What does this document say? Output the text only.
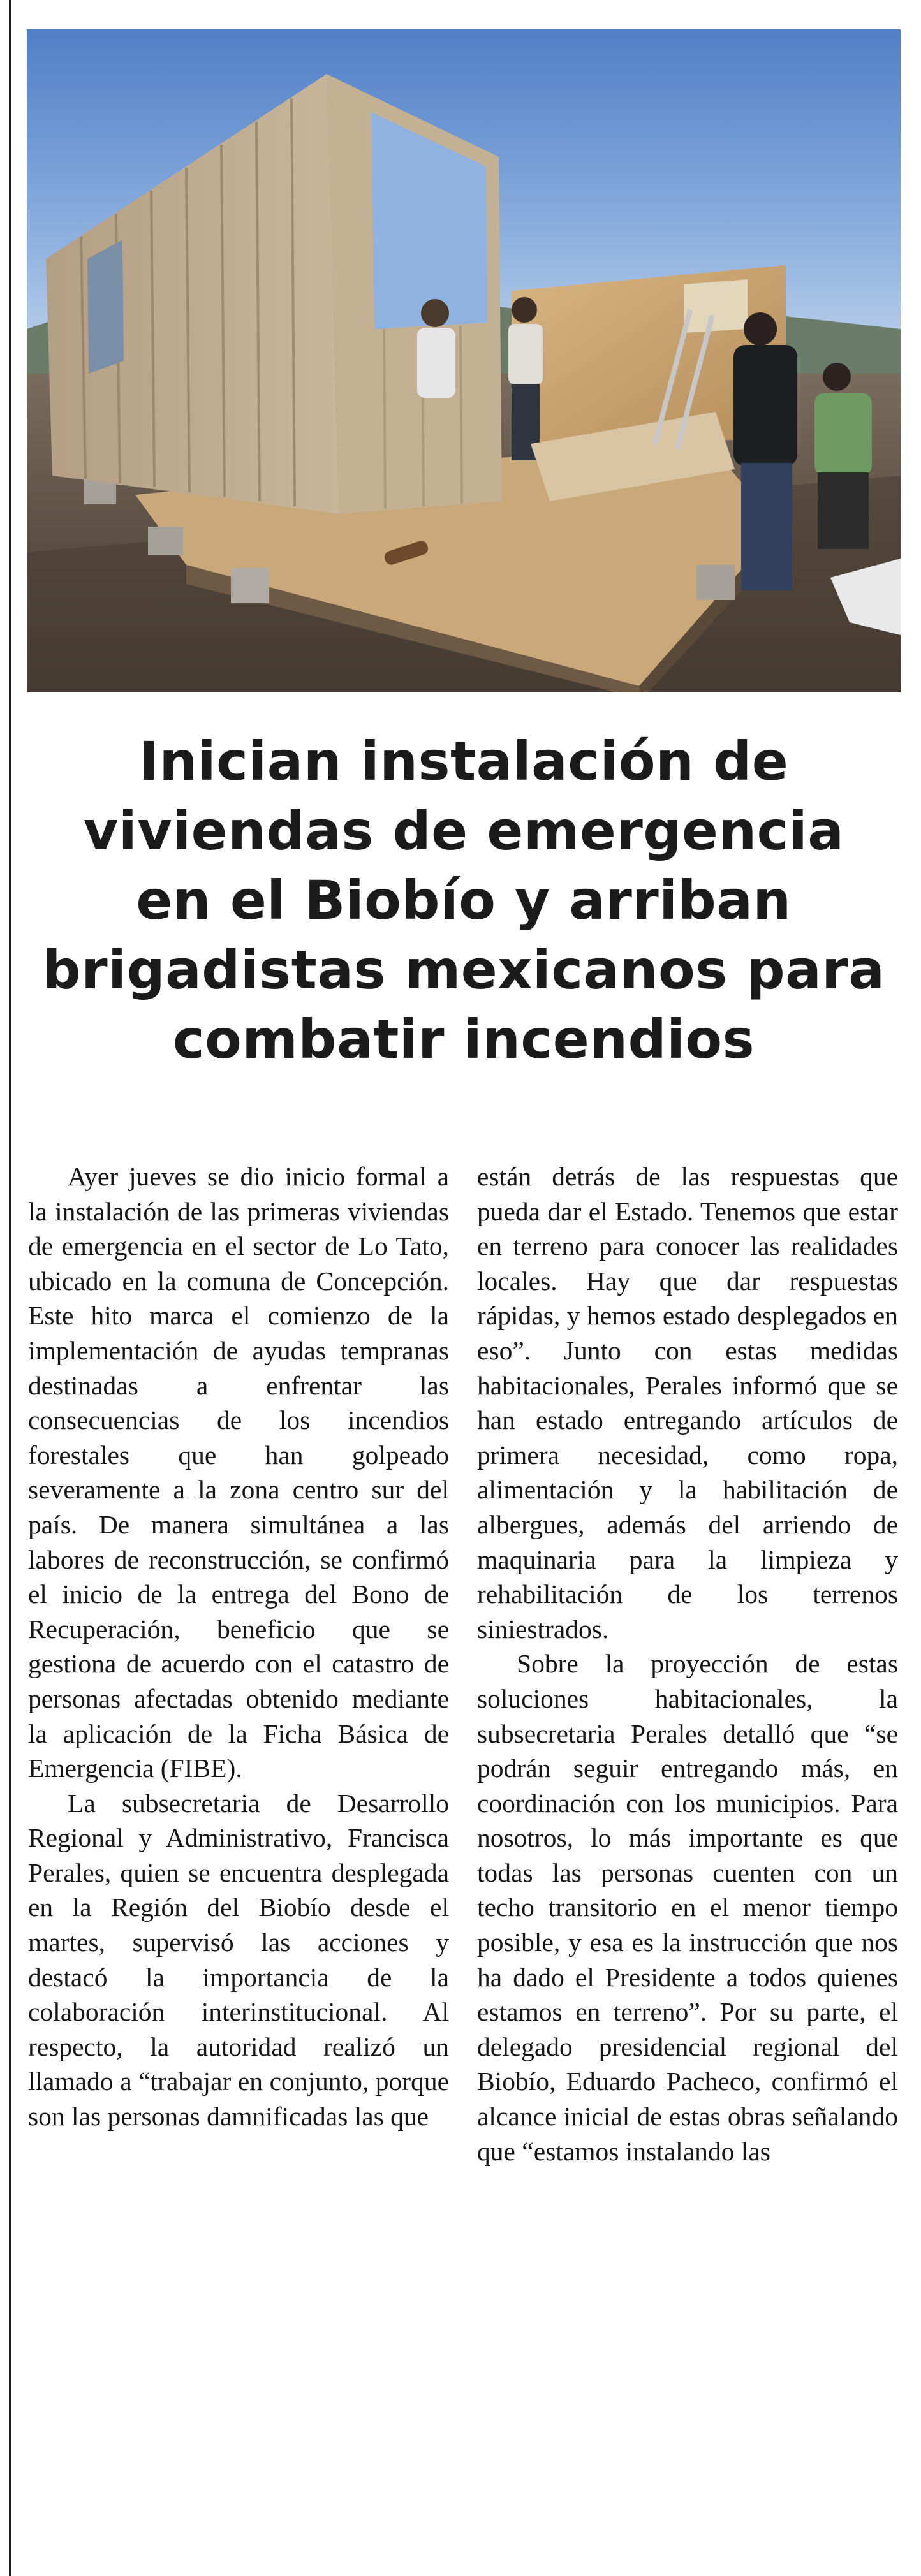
Inician instalación de
viviendas de emergencia
en el Biobío y arriban
brigadistas mexicanos para
combatir incendios

Ayer jueves se dio inicio formal a la instalación de las primeras viviendas de emergencia en el sector de Lo Tato, ubicado en la comuna de Concepción. Este hito marca el comienzo de la implementación de ayudas tempranas destinadas a enfrentar las consecuencias de los incendios forestales que han golpeado severamente a la zona centro sur del país. De manera simultánea a las labores de reconstrucción, se confirmó el inicio de la entrega del Bono de Recuperación, beneficio que se gestiona de acuerdo con el catastro de personas afectadas obtenido mediante la aplicación de la Ficha Básica de Emergencia (FIBE).

La subsecretaria de Desarrollo Regional y Administrativo, Francisca Perales, quien se encuentra desplegada en la Región del Biobío desde el martes, supervisó las acciones y destacó la importancia de la colaboración interinstitucional. Al respecto, la autoridad realizó un llamado a “trabajar en conjunto, porque son las personas damnificadas las que

están detrás de las respuestas que pueda dar el Estado. Tenemos que estar en terreno para conocer las realidades locales. Hay que dar respuestas rápidas, y hemos estado desplegados en eso”. Junto con estas medidas habitacionales, Perales informó que se han estado entregando artículos de primera necesidad, como ropa, alimentación y la habilitación de albergues, además del arriendo de maquinaria para la limpieza y rehabilitación de los terrenos siniestrados.

Sobre la proyección de estas soluciones habitacionales, la subsecretaria Perales detalló que “se podrán seguir entregando más, en coordinación con los municipios. Para nosotros, lo más importante es que todas las personas cuenten con un techo transitorio en el menor tiempo posible, y esa es la instrucción que nos ha dado el Presidente a todos quienes estamos en terreno”. Por su parte, el delegado presidencial regional del Biobío, Eduardo Pacheco, confirmó el alcance inicial de estas obras señalando que “estamos instalando las
